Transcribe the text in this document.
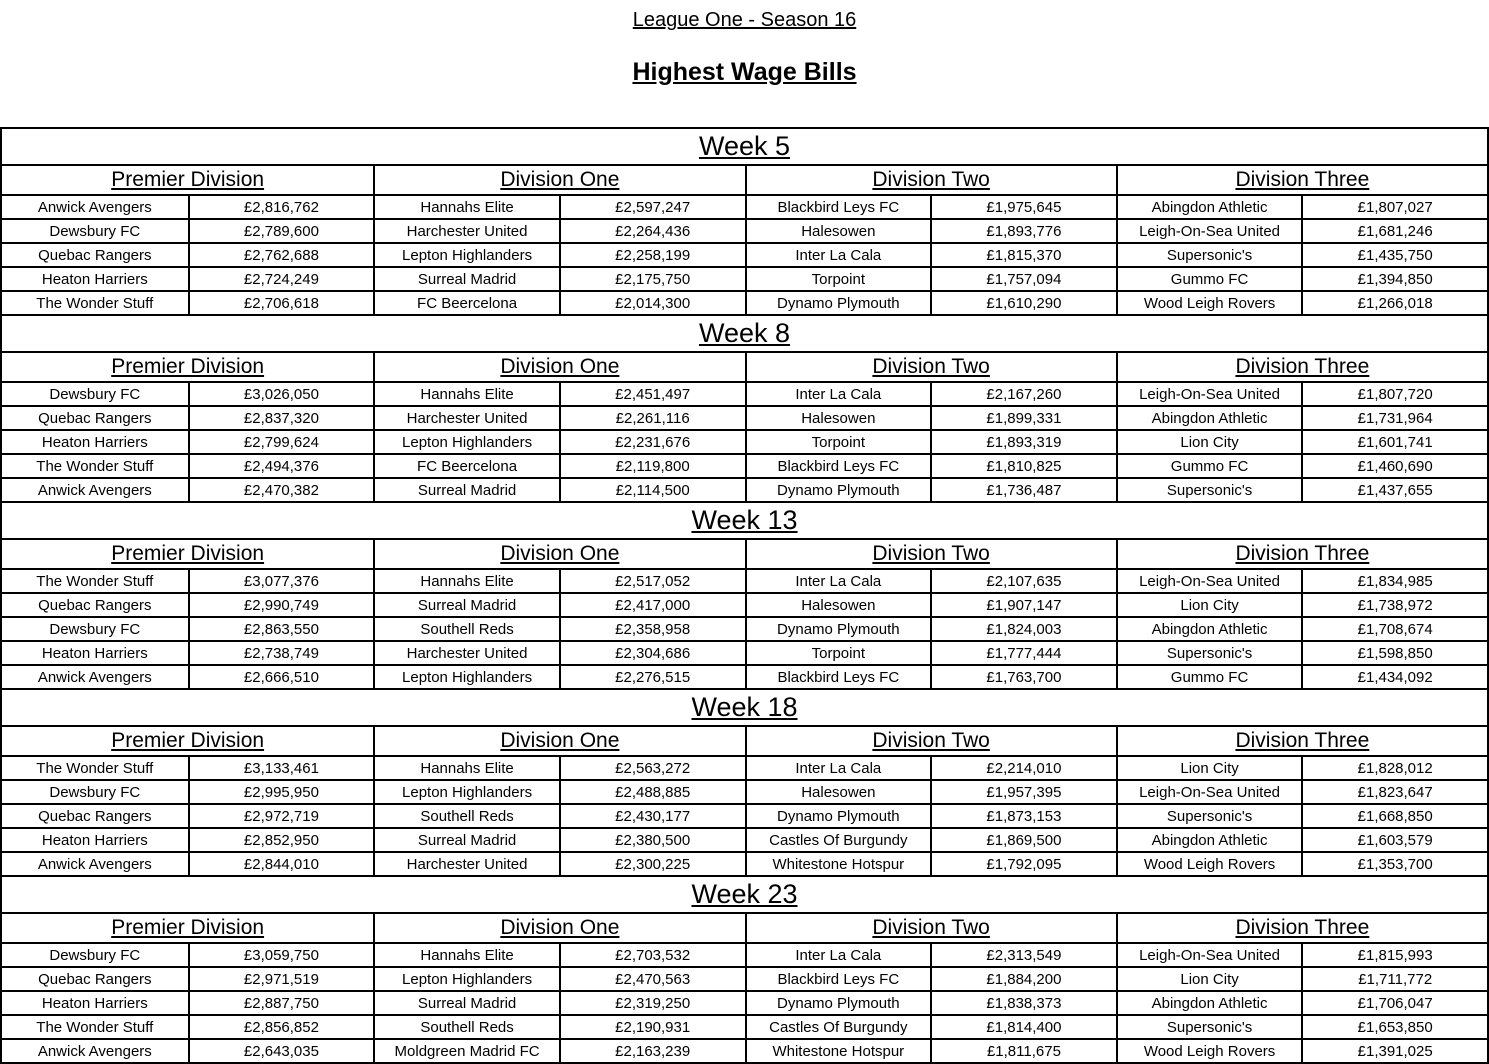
League One - Season 16
Highest Wage Bills
Week 5
Premier Division	Division One	Division Two	Division Three
Anwick Avengers	£2,816,762	Hannahs Elite	£2,597,247	Blackbird Leys FC	£1,975,645	Abingdon Athletic	£1,807,027
Dewsbury FC	£2,789,600	Harchester United	£2,264,436	Halesowen	£1,893,776	Leigh-On-Sea United	£1,681,246
Quebac Rangers	£2,762,688	Lepton Highlanders	£2,258,199	Inter La Cala	£1,815,370	Supersonic's	£1,435,750
Heaton Harriers	£2,724,249	Surreal Madrid	£2,175,750	Torpoint	£1,757,094	Gummo FC	£1,394,850
The Wonder Stuff	£2,706,618	FC Beercelona	£2,014,300	Dynamo Plymouth	£1,610,290	Wood Leigh Rovers	£1,266,018
Week 8
Premier Division	Division One	Division Two	Division Three
Dewsbury FC	£3,026,050	Hannahs Elite	£2,451,497	Inter La Cala	£2,167,260	Leigh-On-Sea United	£1,807,720
Quebac Rangers	£2,837,320	Harchester United	£2,261,116	Halesowen	£1,899,331	Abingdon Athletic	£1,731,964
Heaton Harriers	£2,799,624	Lepton Highlanders	£2,231,676	Torpoint	£1,893,319	Lion City	£1,601,741
The Wonder Stuff	£2,494,376	FC Beercelona	£2,119,800	Blackbird Leys FC	£1,810,825	Gummo FC	£1,460,690
Anwick Avengers	£2,470,382	Surreal Madrid	£2,114,500	Dynamo Plymouth	£1,736,487	Supersonic's	£1,437,655
Week 13
Premier Division	Division One	Division Two	Division Three
The Wonder Stuff	£3,077,376	Hannahs Elite	£2,517,052	Inter La Cala	£2,107,635	Leigh-On-Sea United	£1,834,985
Quebac Rangers	£2,990,749	Surreal Madrid	£2,417,000	Halesowen	£1,907,147	Lion City	£1,738,972
Dewsbury FC	£2,863,550	Southell Reds	£2,358,958	Dynamo Plymouth	£1,824,003	Abingdon Athletic	£1,708,674
Heaton Harriers	£2,738,749	Harchester United	£2,304,686	Torpoint	£1,777,444	Supersonic's	£1,598,850
Anwick Avengers	£2,666,510	Lepton Highlanders	£2,276,515	Blackbird Leys FC	£1,763,700	Gummo FC	£1,434,092
Week 18
Premier Division	Division One	Division Two	Division Three
The Wonder Stuff	£3,133,461	Hannahs Elite	£2,563,272	Inter La Cala	£2,214,010	Lion City	£1,828,012
Dewsbury FC	£2,995,950	Lepton Highlanders	£2,488,885	Halesowen	£1,957,395	Leigh-On-Sea United	£1,823,647
Quebac Rangers	£2,972,719	Southell Reds	£2,430,177	Dynamo Plymouth	£1,873,153	Supersonic's	£1,668,850
Heaton Harriers	£2,852,950	Surreal Madrid	£2,380,500	Castles Of Burgundy	£1,869,500	Abingdon Athletic	£1,603,579
Anwick Avengers	£2,844,010	Harchester United	£2,300,225	Whitestone Hotspur	£1,792,095	Wood Leigh Rovers	£1,353,700
Week 23
Premier Division	Division One	Division Two	Division Three
Dewsbury FC	£3,059,750	Hannahs Elite	£2,703,532	Inter La Cala	£2,313,549	Leigh-On-Sea United	£1,815,993
Quebac Rangers	£2,971,519	Lepton Highlanders	£2,470,563	Blackbird Leys FC	£1,884,200	Lion City	£1,711,772
Heaton Harriers	£2,887,750	Surreal Madrid	£2,319,250	Dynamo Plymouth	£1,838,373	Abingdon Athletic	£1,706,047
The Wonder Stuff	£2,856,852	Southell Reds	£2,190,931	Castles Of Burgundy	£1,814,400	Supersonic's	£1,653,850
Anwick Avengers	£2,643,035	Moldgreen Madrid FC	£2,163,239	Whitestone Hotspur	£1,811,675	Wood Leigh Rovers	£1,391,025
